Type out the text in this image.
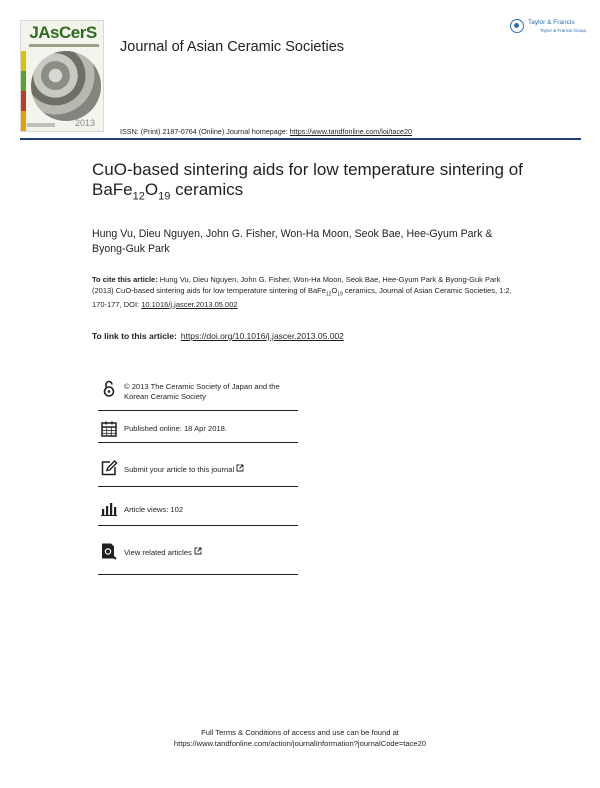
JAsCerS
2013
Journal of Asian Ceramic Societies
Taylor & Francis
Taylor & Francis Group
ISSN: (Print) 2187-0764 (Online) Journal homepage: https://www.tandfonline.com/loi/tace20
CuO-based sintering aids for low temperature sintering of $BaFe_{12}O_{19}$ ceramics
Hung Vu, Dieu Nguyen, John G. Fisher, Won-Ha Moon, Seok Bae, Hee-Gyum Park & Byong-Guk Park
To cite this article: Hung Vu, Dieu Nguyen, John G. Fisher, Won-Ha Moon, Seok Bae, Hee-Gyum Park & Byong-Guk Park (2013) CuO-based sintering aids for low temperature sintering of $BaFe_{12}O_{19}$ ceramics, Journal of Asian Ceramic Societies, 1:2, 170-177, DOI: 10.1016/j.jascer.2013.05.002
To link to this article: https://doi.org/10.1016/j.jascer.2013.05.002
© 2013 The Ceramic Society of Japan and the Korean Ceramic Society
Published online: 18 Apr 2018.
Submit your article to this journal
Article views: 102
View related articles
Full Terms & Conditions of access and use can be found at
https://www.tandfonline.com/action/journalInformation?journalCode=tace20
